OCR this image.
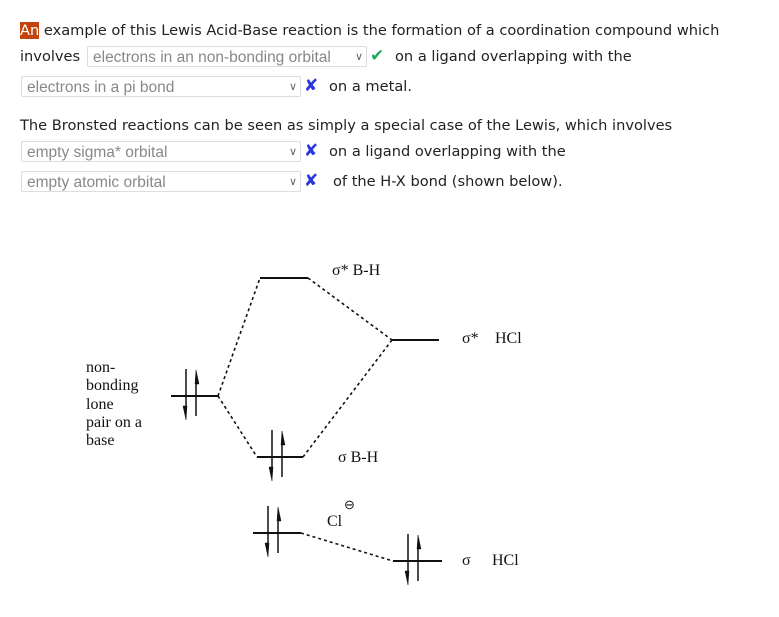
An example of this Lewis Acid-Base reaction is the formation of a coordination compound which
involves electrons in an non-bonding orbital ∨ ✔ on a ligand overlapping with the
electrons in a pi bond	∨ ✘ on a metal.
The Bronsted reactions can be seen as simply a special case of the Lewis, which involves
empty sigma* orbital	∨ ✘ on a ligand overlapping with the
empty atomic orbital	∨ ✘ of the H-X bond (shown below).
σ* B-H
σ* HCl
non-
bonding
lone
pair on a
base
σ B-H
Cl
⊖
σ HCl
